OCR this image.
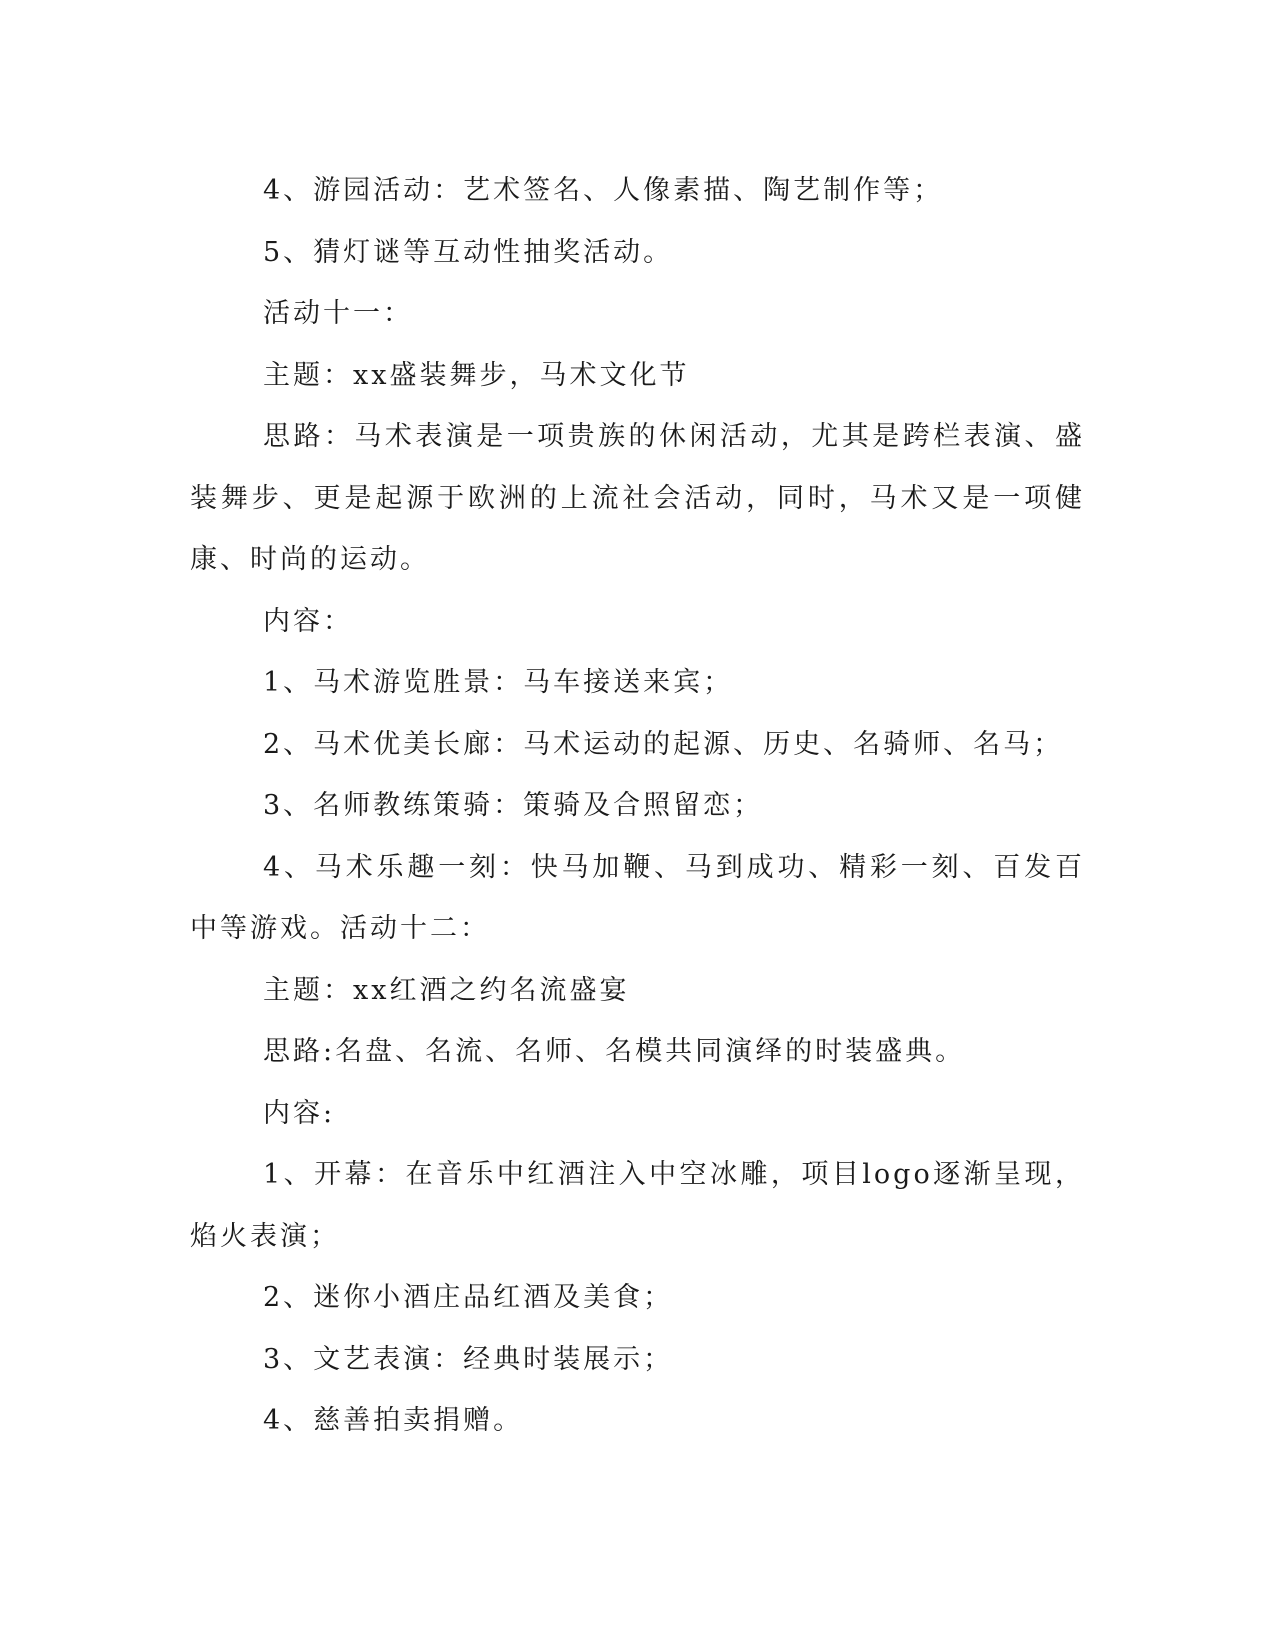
4、游园活动：艺术签名、人像素描、陶艺制作等；

5、猜灯谜等互动性抽奖活动。

活动十一：

主题：xx盛装舞步，马术文化节

思路：马术表演是一项贵族的休闲活动，尤其是跨栏表演、盛装舞步、更是起源于欧洲的上流社会活动，同时，马术又是一项健康、时尚的运动。

内容：

1、马术游览胜景：马车接送来宾；

2、马术优美长廊：马术运动的起源、历史、名骑师、名马；

3、名师教练策骑：策骑及合照留恋；

4、马术乐趣一刻：快马加鞭、马到成功、精彩一刻、百发百中等游戏。活动十二：

主题：xx红酒之约名流盛宴

思路:名盘、名流、名师、名模共同演绎的时装盛典。

内容:

1、开幕：在音乐中红酒注入中空冰雕，项目logo逐渐呈现，焰火表演；

2、迷你小酒庄品红酒及美食；

3、文艺表演：经典时装展示；

4、慈善拍卖捐赠。
